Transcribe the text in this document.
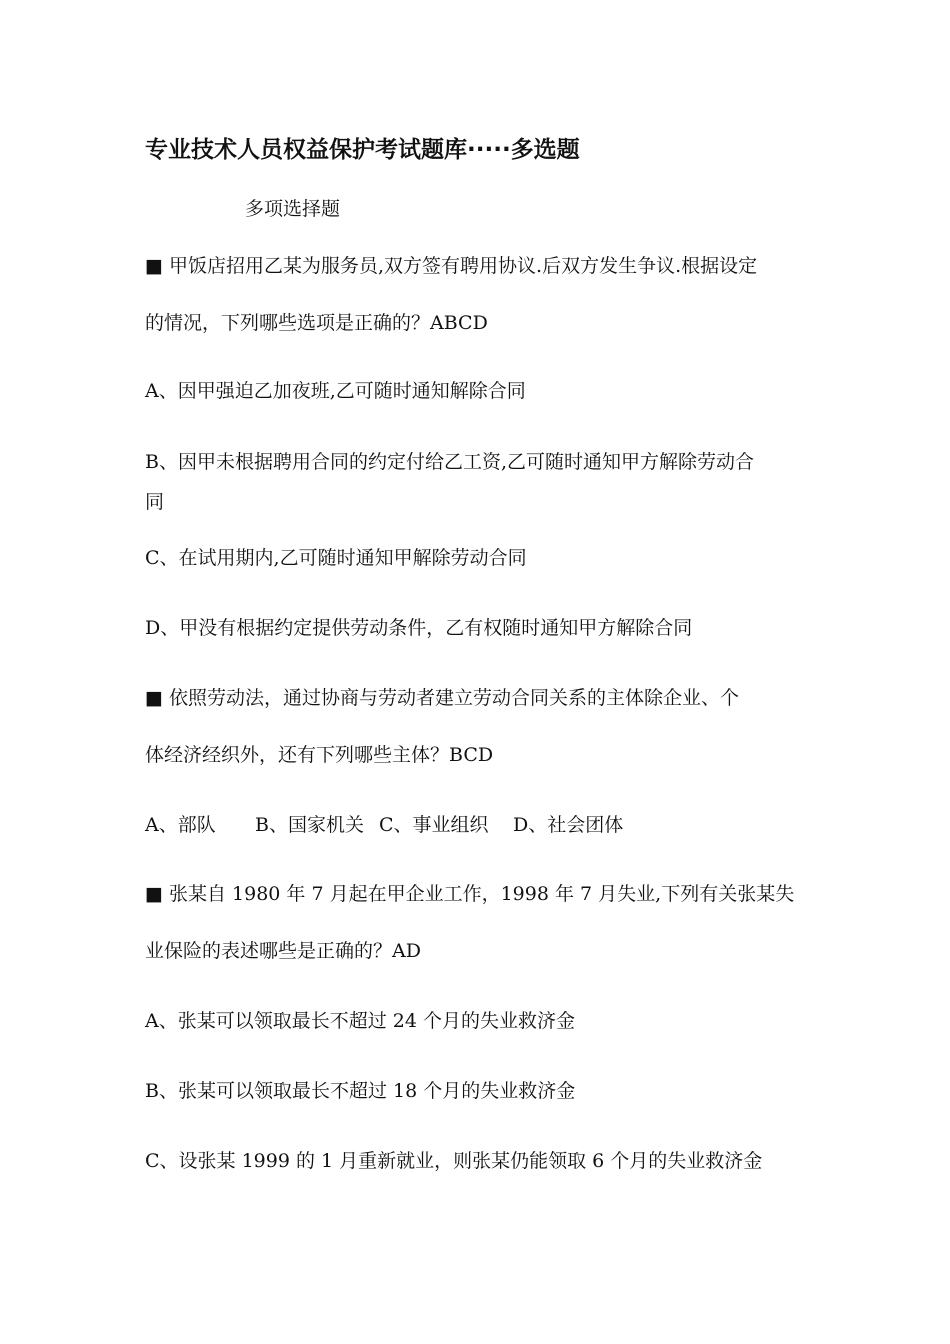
专业技术人员权益保护考试题库·····多选题
多项选择题
■ 甲饭店招用乙某为服务员,双方签有聘用协议.后双方发生争议.根据设定
的情况，下列哪些选项是正确的？ABCD
A、因甲强迫乙加夜班,乙可随时通知解除合同
B、因甲未根据聘用合同的约定付给乙工资,乙可随时通知甲方解除劳动合
同
C、在试用期内,乙可随时通知甲解除劳动合同
D、甲没有根据约定提供劳动条件，乙有权随时通知甲方解除合同
■ 依照劳动法，通过协商与劳动者建立劳动合同关系的主体除企业、个
体经济经织外，还有下列哪些主体？BCD
A、部队 B、国家机关 C、事业组织 D、社会团体
■ 张某自 1980 年 7 月起在甲企业工作，1998 年 7 月失业,下列有关张某失
业保险的表述哪些是正确的？AD
A、张某可以领取最长不超过 24 个月的失业救济金
B、张某可以领取最长不超过 18 个月的失业救济金
C、设张某 1999 的 1 月重新就业，则张某仍能领取 6 个月的失业救济金
